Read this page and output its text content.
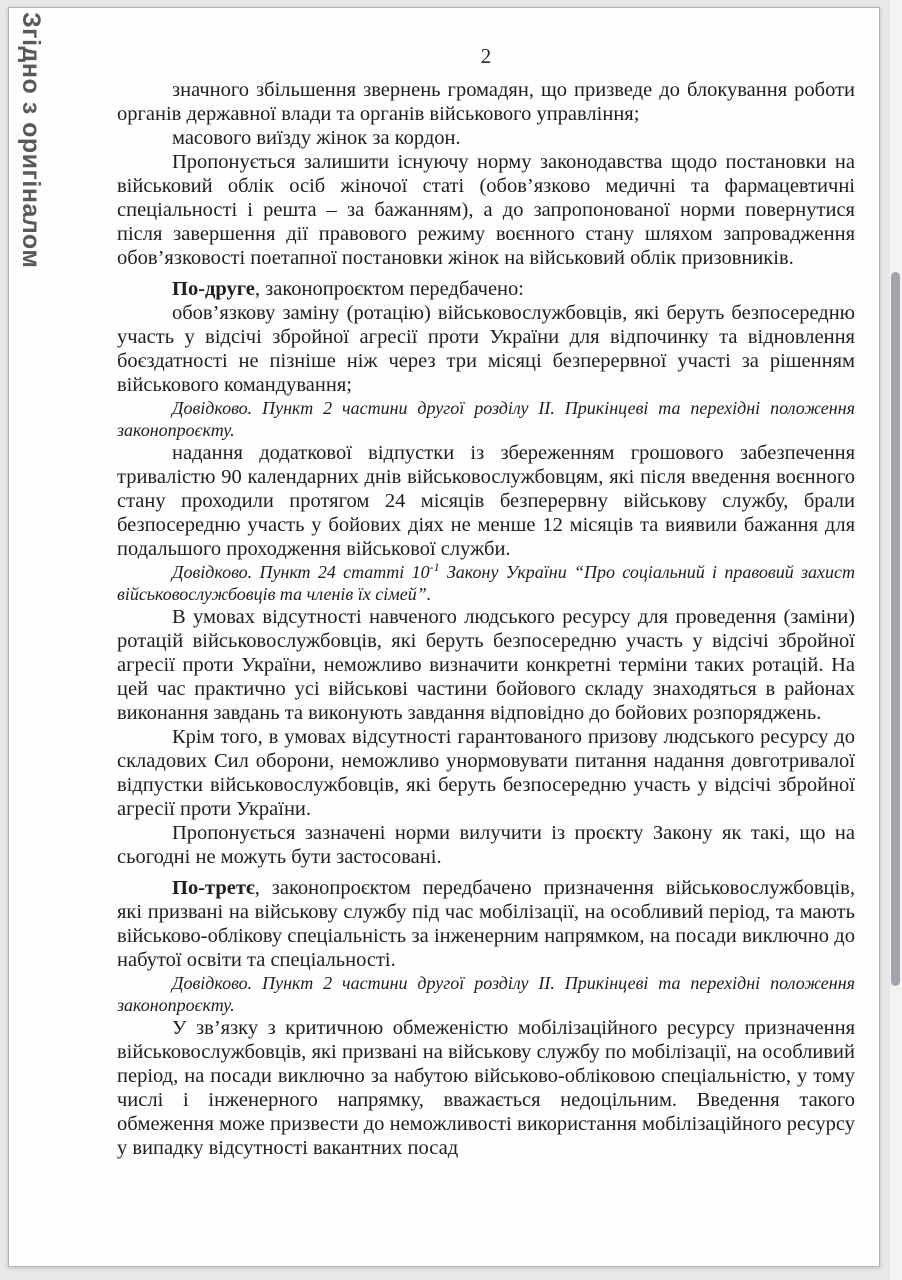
Згідно з оригіналом	2

значного збільшення звернень громадян, що призведе до блокування роботи органів державної влади та органів військового управління;

масового виїзду жінок за кордон.

Пропонується залишити існуючу норму законодавства щодо постановки на військовий облік осіб жіночої статі (обов’язково медичні та фармацевтичні спеціальності і решта – за бажанням), а до запропонованої норми повернутися після завершення дії правового режиму воєнного стану шляхом запровадження обов’язковості поетапної постановки жінок на військовий облік призовників.

По-друге, законопроєктом передбачено:

обов’язкову заміну (ротацію) військовослужбовців, які беруть безпосередню участь у відсічі збройної агресії проти України для відпочинку та відновлення боєздатності не пізніше ніж через три місяці безперервної участі за рішенням військового командування;

Довідково. Пункт 2 частини другої розділу II. Прикінцеві та перехідні положення законопроєкту.

надання додаткової відпустки із збереженням грошового забезпечення тривалістю 90 календарних днів військовослужбовцям, які після введення воєнного стану проходили протягом 24 місяців безперервну військову службу, брали безпосередню участь у бойових діях не менше 12 місяців та виявили бажання для подальшого проходження військової служби.

Довідково. Пункт 24 статті $10^{-1}$ Закону України “Про соціальний і правовий захист військовослужбовців та членів їх сімей”.

В умовах відсутності навченого людського ресурсу для проведення (заміни) ротацій військовослужбовців, які беруть безпосередню участь у відсічі збройної агресії проти України, неможливо визначити конкретні терміни таких ротацій. На цей час практично усі військові частини бойового складу знаходяться в районах виконання завдань та виконують завдання відповідно до бойових розпоряджень.

Крім того, в умовах відсутності гарантованого призову людського ресурсу до складових Сил оборони, неможливо унормовувати питання надання довготривалої відпустки військовослужбовців, які беруть безпосередню участь у відсічі збройної агресії проти України.

Пропонується зазначені норми вилучити із проєкту Закону як такі, що на сьогодні не можуть бути застосовані.

По-третє, законопроєктом передбачено призначення військовослужбовців, які призвані на військову службу під час мобілізації, на особливий період, та мають військово-облікову спеціальність за інженерним напрямком, на посади виключно до набутої освіти та спеціальності.

Довідково. Пункт 2 частини другої розділу II. Прикінцеві та перехідні положення законопроєкту.

У зв’язку з критичною обмеженістю мобілізаційного ресурсу призначення військовослужбовців, які призвані на військову службу по мобілізації, на особливий період, на посади виключно за набутою військово-обліковою спеціальністю, у тому числі і інженерного напрямку, вважається недоцільним. Введення такого обмеження може призвести до неможливості використання мобілізаційного ресурсу у випадку відсутності вакантних посад
